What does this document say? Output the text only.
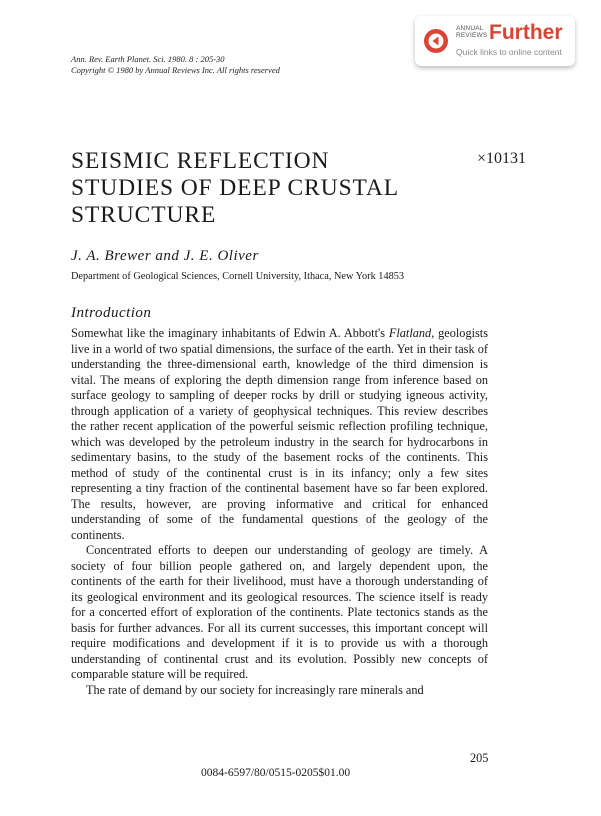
ANNUAL
REVIEWS Further
Quick links to online content
Ann. Rev. Earth Planet. Sci. 1980. 8 : 205-30
Copyright © 1980 by Annual Reviews Inc. All rights reserved
SEISMIC REFLECTION
STUDIES OF DEEP CRUSTAL
STRUCTURE
×10131
J. A. Brewer and J. E. Oliver
Department of Geological Sciences, Cornell University, Ithaca, New York 14853
Introduction

Somewhat like the imaginary inhabitants of Edwin A. Abbott's Flatland, geologists live in a world of two spatial dimensions, the surface of the earth. Yet in their task of understanding the three-dimensional earth, knowledge of the third dimension is vital. The means of exploring the depth dimension range from inference based on surface geology to sampling of deeper rocks by drill or studying igneous activity, through application of a variety of geophysical techniques. This review describes the rather recent application of the powerful seismic reflection profiling technique, which was developed by the petroleum industry in the search for hydrocarbons in sedimentary basins, to the study of the basement rocks of the continents. This method of study of the continental crust is in its infancy; only a few sites representing a tiny fraction of the continental basement have so far been explored. The results, however, are proving informative and critical for enhanced understanding of some of the fundamental questions of the geology of the continents.

Concentrated efforts to deepen our understanding of geology are timely. A society of four billion people gathered on, and largely dependent upon, the continents of the earth for their livelihood, must have a thorough understanding of its geological environment and its geological resources. The science itself is ready for a concerted effort of exploration of the continents. Plate tectonics stands as the basis for further advances. For all its current successes, this important concept will require modifications and development if it is to provide us with a thorough understanding of continental crust and its evolution. Possibly new concepts of comparable stature will be required.

The rate of demand by our society for increasingly rare minerals and

205
0084-6597/80/0515-0205$01.00
